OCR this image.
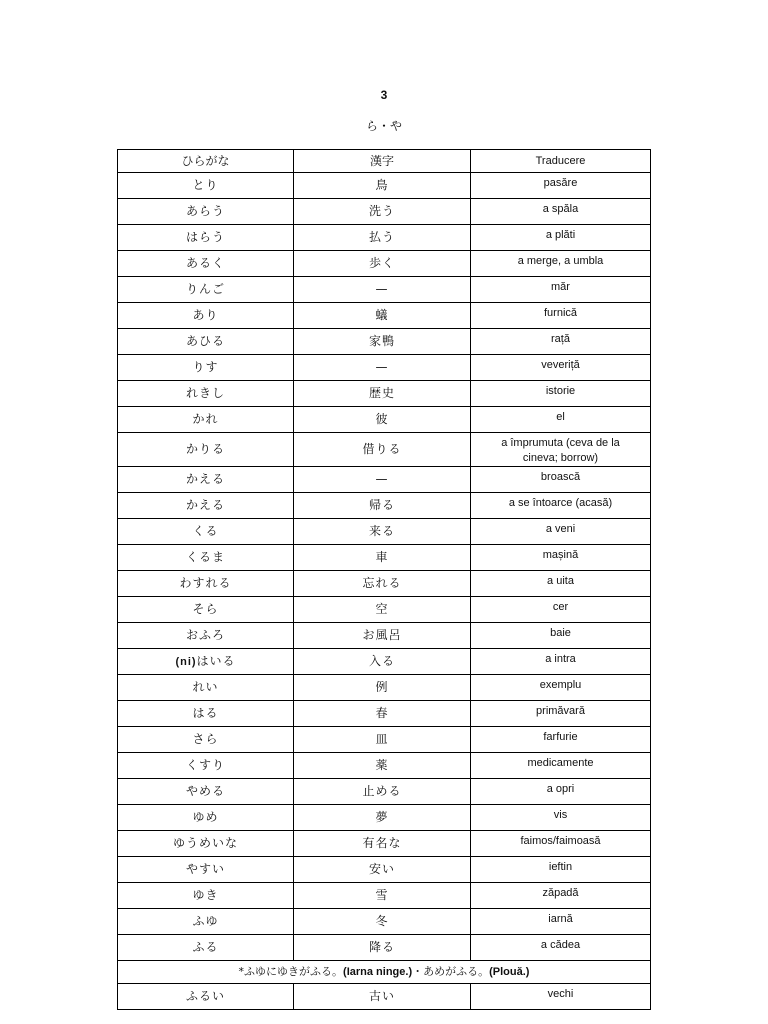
3
ら・や
ひらがな	漢字	Traducere
とり	鳥	pasăre
あらう	洗う	a spăla
はらう	払う	a plăti
あるく	歩く	a merge, a umbla
りんご	—	măr
あり	蟻	furnică
あひる	家鴨	rață
りす	—	veveriță
れきし	歴史	istorie
かれ	彼	el
かりる	借りる	a împrumuta (ceva de la
cineva; borrow)
かえる	—	broască
かえる	帰る	a se întoarce (acasă)
くる	来る	a veni
くるま	車	mașină
わすれる	忘れる	a uita
そら	空	cer
おふろ	お風呂	baie
(ni)はいる	入る	a intra
れい	例	exemplu
はる	春	primăvară
さら	皿	farfurie
くすり	薬	medicamente
やめる	止める	a opri
ゆめ	夢	vis
ゆうめいな	有名な	faimos/faimoasă
やすい	安い	ieftin
ゆき	雪	zăpadă
ふゆ	冬	iarnă
ふる	降る	a cădea
*ふゆにゆきがふる。(Iarna ninge.)・あめがふる。(Plouă.)		
ふるい	古い	vechi
